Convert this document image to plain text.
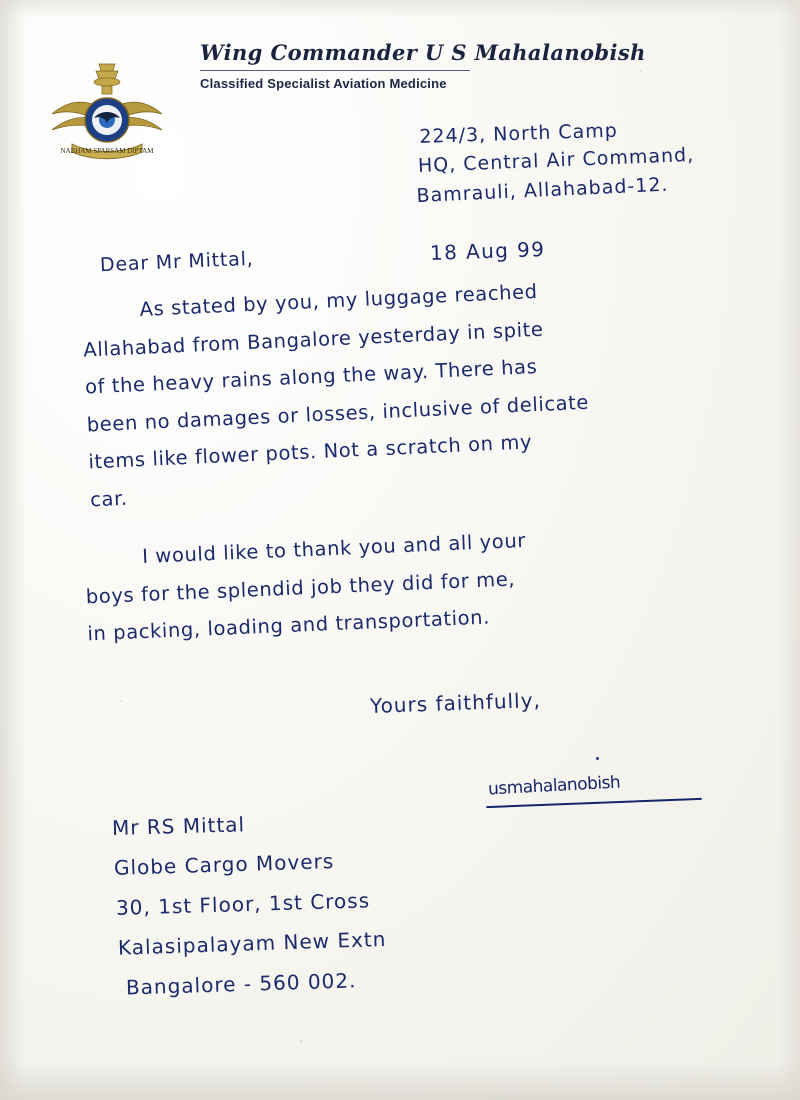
NABHAM SPARSAM DIPTAM
Wing Commander U S Mahalanobish
Classified Specialist Aviation Medicine
224/3, North Camp
HQ, Central Air Command,
Bamrauli, Allahabad-12.
18 Aug 99
Dear Mr Mittal,
As stated by you, my luggage reached
Allahabad from Bangalore yesterday in spite
of the heavy rains along the way. There has
been no damages or losses, inclusive of delicate
items like flower pots. Not a scratch on my
car.
I would like to thank you and all your
boys for the splendid job they did for me,
in packing, loading and transportation.
Yours faithfully,
usmahalanobish
Mr RS Mittal
Globe Cargo Movers
30, 1st Floor, 1st Cross
Kalasipalayam New Extn
Bangalore - 560 002.
